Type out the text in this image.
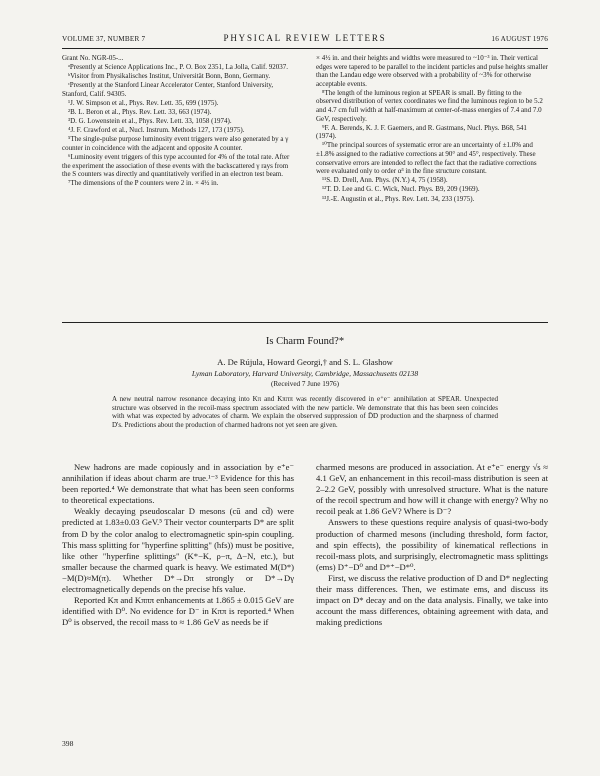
VOLUME 37, NUMBER 7	PHYSICAL REVIEW LETTERS	16 AUGUST 1976

Grant No. NGR-05-...

ᵃPresently at Science Applications Inc., P. O. Box 2351, La Jolla, Calif. 92037.

ᵇVisitor from Physikalisches Institut, Universität Bonn, Bonn, Germany.

ᶜPresently at the Stanford Linear Accelerator Center, Stanford University, Stanford, Calif. 94305.

¹J. W. Simpson et al., Phys. Rev. Lett. 35, 699 (1975).

²B. L. Beron et al., Phys. Rev. Lett. 33, 663 (1974).

³D. G. Lowenstein et al., Phys. Rev. Lett. 33, 1058 (1974).

⁴J. F. Crawford et al., Nucl. Instrum. Methods 127, 173 (1975).

⁵The single-pulse purpose luminosity event triggers were also generated by a γ counter in coincidence with the adjacent and opposite A counter.

⁶Luminosity event triggers of this type accounted for 4% of the total rate. After the experiment the association of these events with the backscattered γ rays from the S counters was directly and quantitatively verified in an electron test beam.

⁷The dimensions of the P counters were 2 in. × 4½ in.

× 4½ in. and their heights and widths were measured to ~10⁻³ in. Their vertical edges were tapered to be parallel to the incident particles and pulse heights smaller than the Landau edge were observed with a probability of ~3% for otherwise acceptable events.

⁸The length of the luminous region at SPEAR is small. By fitting to the observed distribution of vertex coordinates we find the luminous region to be 5.2 and 4.7 cm full width at half-maximum at center-of-mass energies of 7.4 and 7.0 GeV, respectively.

⁹F. A. Berends, K. J. F. Gaemers, and R. Gastmans, Nucl. Phys. B68, 541 (1974).

¹⁰The principal sources of systematic error are an uncertainty of ±1.0% and ±1.8% assigned to the radiative corrections at 90° and 45°, respectively. These conservative errors are intended to reflect the fact that the radiative corrections were evaluated only to order α³ in the fine structure constant.

¹¹S. D. Drell, Ann. Phys. (N.Y.) 4, 75 (1958).

¹²T. D. Lee and G. C. Wick, Nucl. Phys. B9, 209 (1969).

¹³J.-E. Augustin et al., Phys. Rev. Lett. 34, 233 (1975).

Is Charm Found?*
A. De Rújula, Howard Georgi,† and S. L. Glashow
Lyman Laboratory, Harvard University, Cambridge, Massachusetts 02138
(Received 7 June 1976)

A new neutral narrow resonance decaying into Kπ and Kπππ was recently discovered in e⁺e⁻ annihilation at SPEAR. Unexpected structure was observed in the recoil-mass spectrum associated with the new particle. We demonstrate that this has been seen coincides with what was expected by advocates of charm. We explain the observed suppression of D̄D production and the sharpness of charmed D's. Predictions about the production of charmed hadrons not yet seen are given.

New hadrons are made copiously and in association by e⁺e⁻ annihilation if ideas about charm are true.¹⁻³ Evidence for this has been reported.⁴ We demonstrate that what has been seen conforms to theoretical expectations.

Weakly decaying pseudoscalar D mesons (cū and cd̄) were predicted at 1.83±0.03 GeV.⁵ Their vector counterparts D* are split from D by the color analog to electromagnetic spin-spin coupling. This mass splitting for "hyperfine splitting" (hfs)) must be positive, like other "hyperfine splittings" (K*−K, ρ−π, Δ−N, etc.), but smaller because the charmed quark is heavy. We estimated M(D*)−M(D)≈M(π). Whether D*→Dπ strongly or D*→Dγ electromagnetically depends on the precise hfs value.

Reported Kπ and Kπππ enhancements at 1.865 ± 0.015 GeV are identified with D⁰. No evidence for D⁻ in Kππ is reported.⁴ When D⁰ is observed, the recoil mass to ≈ 1.86 GeV as needs be if

charmed mesons are produced in association. At e⁺e⁻ energy √s ≈ 4.1 GeV, an enhancement in this recoil-mass distribution is seen at 2–2.2 GeV, possibly with unresolved structure. What is the nature of the recoil spectrum and how will it change with energy? Why no recoil peak at 1.86 GeV? Where is D⁻?

Answers to these questions require analysis of quasi-two-body production of charmed mesons (including threshold, form factor, and spin effects), the possibility of kinematical reflections in recoil-mass plots, and surprisingly, electromagnetic mass splittings (ems) D⁺−D⁰ and D*⁺−D*⁰.

First, we discuss the relative production of D and D* neglecting their mass differences. Then, we estimate ems, and discuss its impact on D* decay and on the data analysis. Finally, we take into account the mass differences, obtaining agreement with data, and making predictions

398
